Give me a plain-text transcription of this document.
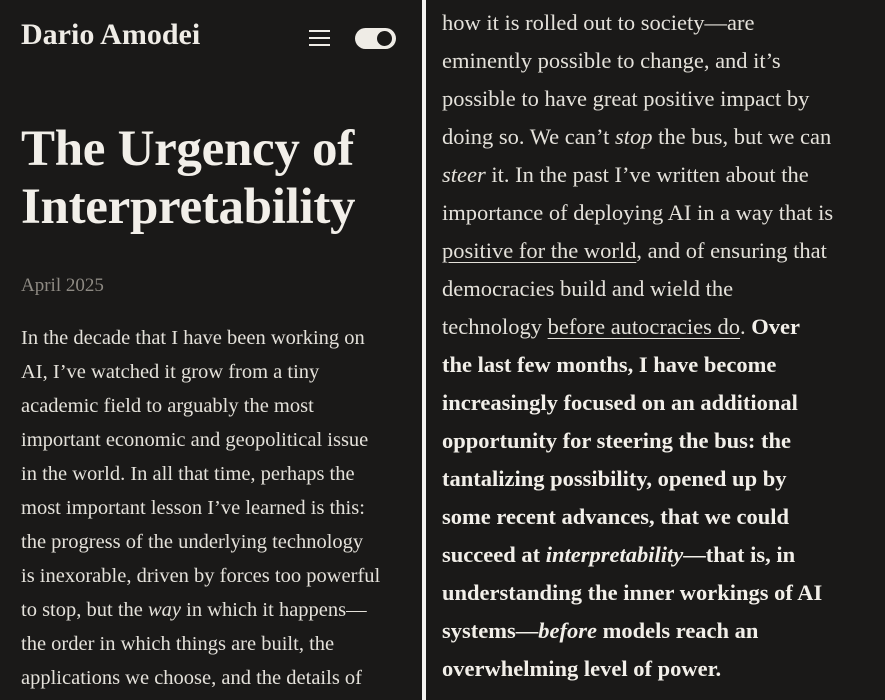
Dario Amodei
The Urgency of Interpretability
April 2025

In the decade that I have been working on
AI, I’ve watched it grow from a tiny
academic field to arguably the most
important economic and geopolitical issue
in the world. In all that time, perhaps the
most important lesson I’ve learned is this:
the progress of the underlying technology
is inexorable, driven by forces too powerful
to stop, but the way in which it happens—
the order in which things are built, the
applications we choose, and the details of

how it is rolled out to society—are
eminently possible to change, and it’s
possible to have great positive impact by
doing so. We can’t stop the bus, but we can
steer it. In the past I’ve written about the
importance of deploying AI in a way that is
positive for the world, and of ensuring that
democracies build and wield the
technology before autocracies do. Over
the last few months, I have become
increasingly focused on an additional
opportunity for steering the bus: the
tantalizing possibility, opened up by
some recent advances, that we could
succeed at interpretability—that is, in
understanding the inner workings of AI
systems—before models reach an
overwhelming level of power.
